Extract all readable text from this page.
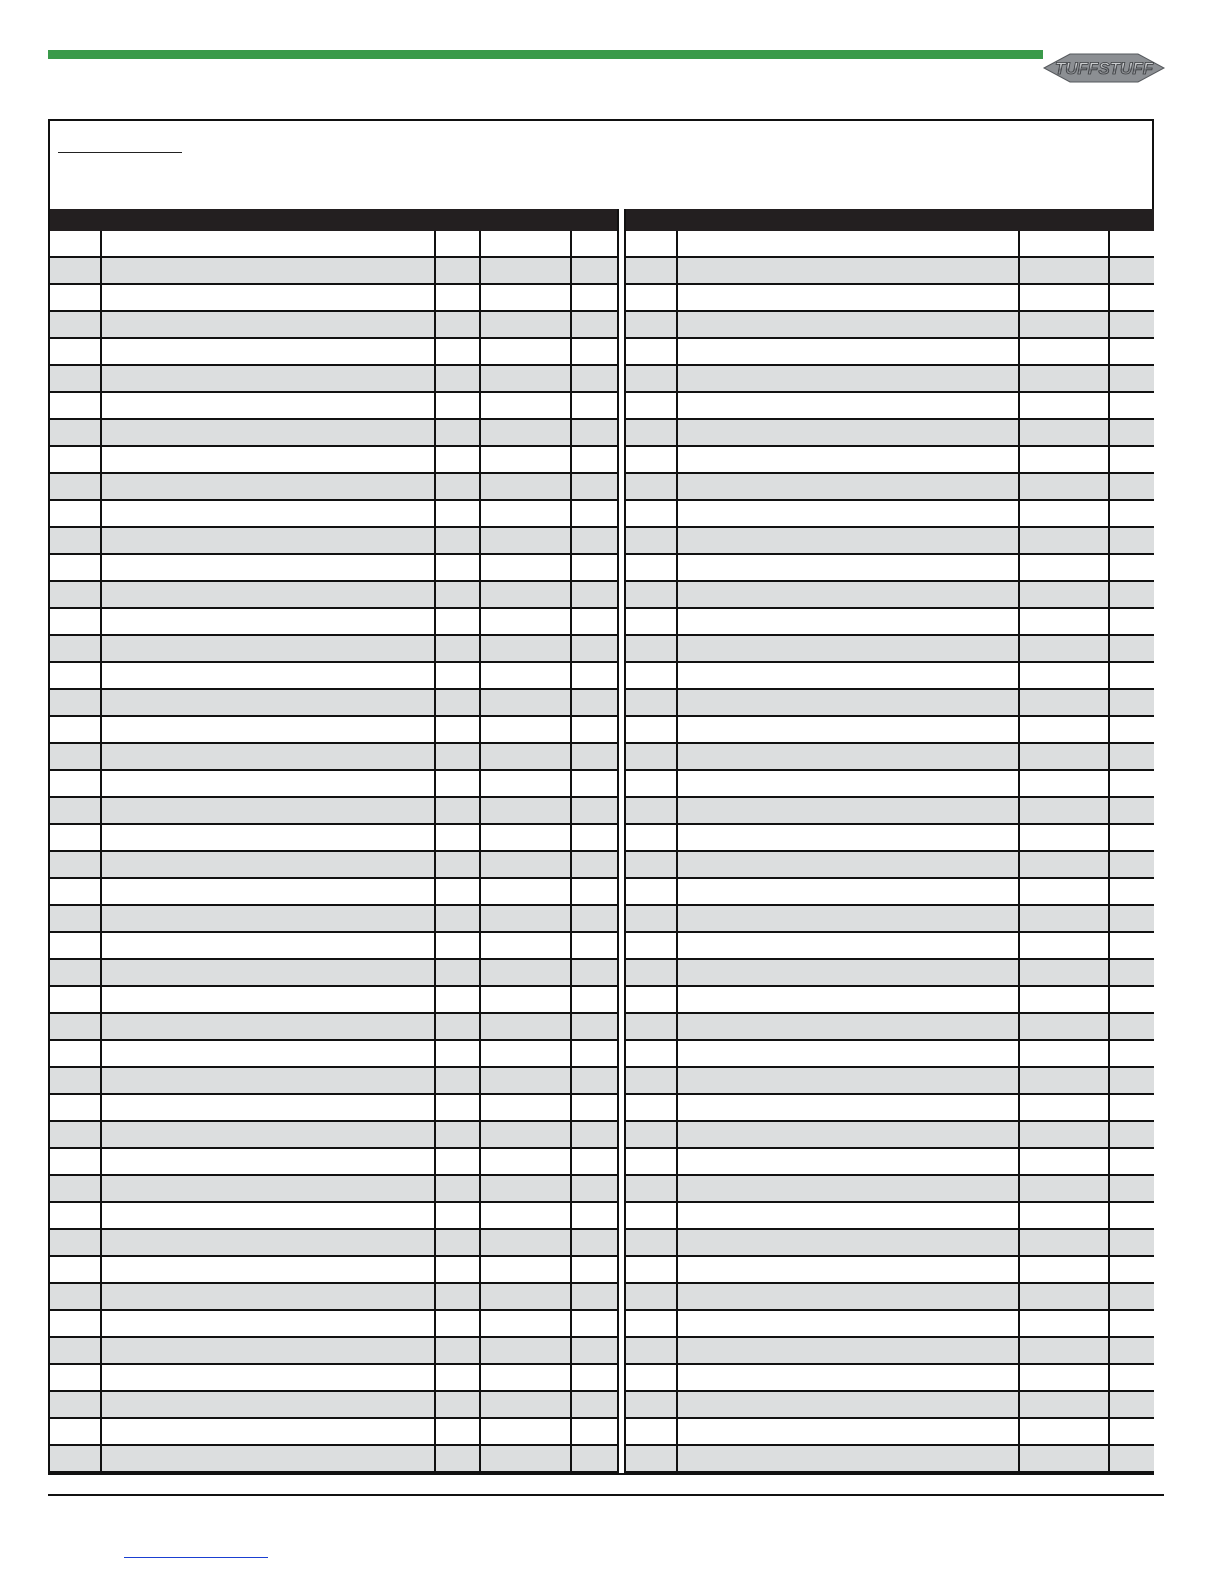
TUFFSTUFF
